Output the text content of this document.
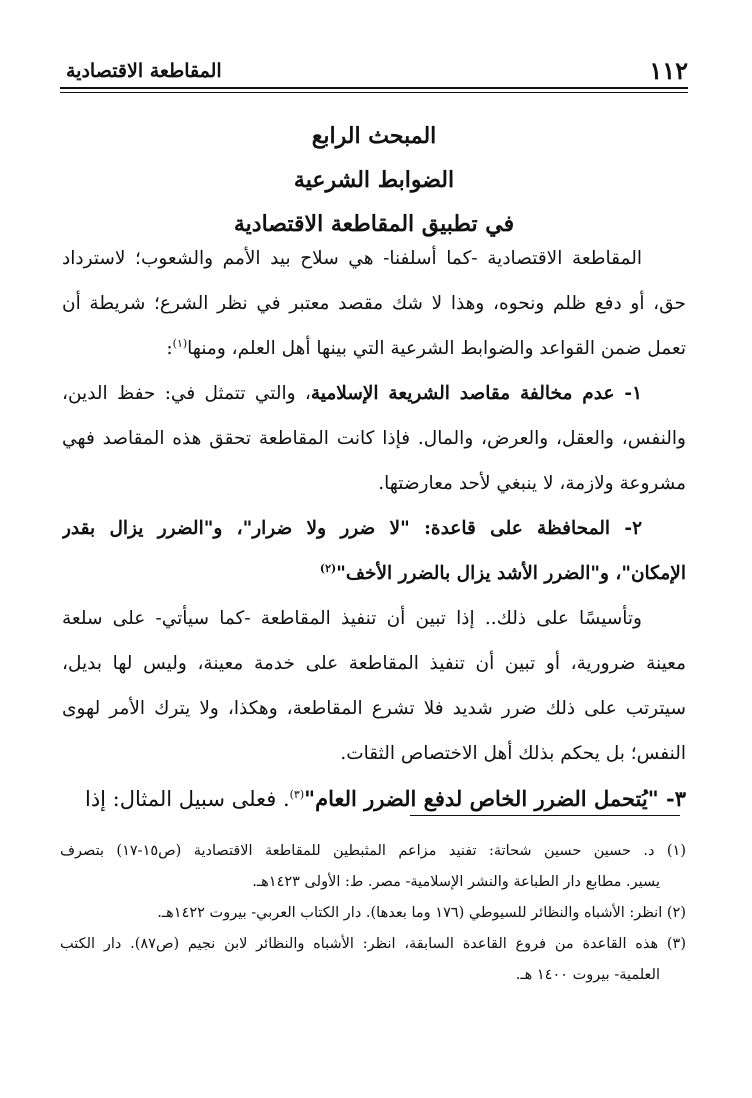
١١٢
المقاطعة الاقتصادية
المبحث الرابع
الضوابط الشرعية
في تطبيق المقاطعة الاقتصادية
المقاطعة الاقتصادية -كما أسلفنا- هي سلاح بيد الأمم والشعوب؛ لاسترداد
حق، أو دفع ظلم ونحوه، وهذا لا شك مقصد معتبر في نظر الشرع؛ شريطة أن
تعمل ضمن القواعد والضوابط الشرعية التي بينها أهل العلم، ومنها$^{(١)}$:
١- عدم مخالفة مقاصد الشريعة الإسلامية، والتي تتمثل في: حفظ الدين،
والنفس، والعقل، والعرض، والمال. فإذا كانت المقاطعة تحقق هذه المقاصد فهي
مشروعة ولازمة، لا ينبغي لأحد معارضتها.
٢- المحافظة على قاعدة: "لا ضرر ولا ضرار"، و"الضرر يزال بقدر
الإمكان"، و"الضرر الأشد يزال بالضرر الأخف"$^{(٢)}$
وتأسيسًا على ذلك.. إذا تبين أن تنفيذ المقاطعة -كما سيأتي- على سلعة
معينة ضرورية، أو تبين أن تنفيذ المقاطعة على خدمة معينة، وليس لها بديل،
سيترتب على ذلك ضرر شديد فلا تشرع المقاطعة، وهكذا، ولا يترك الأمر لهوى
النفس؛ بل يحكم بذلك أهل الاختصاص الثقات.
٣- "يُتحمل الضرر الخاص لدفع الضرر العام"$^{(٣)}$. فعلى سبيل المثال: إذا
(١) د. حسين حسين شحاتة: تفنيد مزاعم المثبطين للمقاطعة الاقتصادية (ص١٥-١٧) بتصرف
يسير. مطابع دار الطباعة والنشر الإسلامية- مصر. ط: الأولى ١٤٢٣هـ.
(٢) انظر: الأشباه والنظائر للسيوطي (١٧٦ وما بعدها). دار الكتاب العربي- بيروت ١٤٢٢هـ.
(٣) هذه القاعدة من فروع القاعدة السابقة، انظر: الأشباه والنظائر لابن نجيم (ص٨٧). دار الكتب
العلمية- بيروت ١٤٠٠ هـ.
